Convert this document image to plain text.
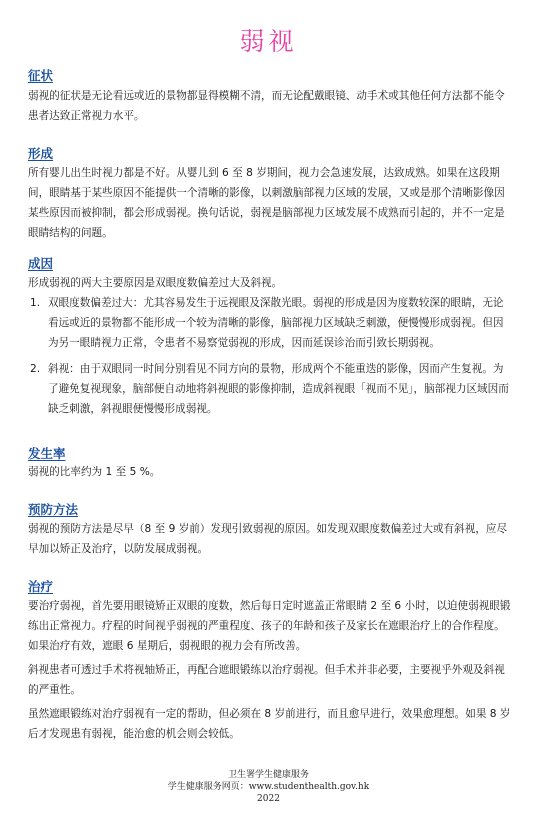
弱视
征状

弱视的征状是无论看远或近的景物都显得模糊不清，而无论配戴眼镜、动手术或其他任何方法都不能令患者达致正常视力水平。

形成

所有婴儿出生时视力都是不好。从婴儿到 6 至 8 岁期间，视力会急速发展，达致成熟。如果在这段期间，眼睛基于某些原因不能提供一个清晰的影像，以刺激脑部视力区域的发展，又或是那个清晰影像因某些原因而被抑制，都会形成弱视。换句话说，弱视是脑部视力区域发展不成熟而引起的，并不一定是眼睛结构的问题。

成因

形成弱视的两大主要原因是双眼度数偏差过大及斜视。

1. 双眼度数偏差过大：尤其容易发生于远视眼及深散光眼。弱视的形成是因为度数较深的眼睛，无论看远或近的景物都不能形成一个较为清晰的影像，脑部视力区域缺乏刺激，便慢慢形成弱视。但因为另一眼睛视力正常，令患者不易察觉弱视的形成，因而延误诊治而引致长期弱视。
2. 斜视：由于双眼同一时间分别看见不同方向的景物，形成两个不能重迭的影像，因而产生复视。为了避免复视现象，脑部便自动地将斜视眼的影像抑制，造成斜视眼「视而不见」，脑部视力区域因而缺乏刺激，斜视眼便慢慢形成弱视。
发生率

弱视的比率约为 1 至 5 %。

预防方法

弱视的预防方法是尽早（8 至 9 岁前）发现引致弱视的原因。如发现双眼度数偏差过大或有斜视，应尽早加以矫正及治疗，以防发展成弱视。

治疗

要治疗弱视，首先要用眼镜矫正双眼的度数，然后每日定时遮盖正常眼睛 2 至 6 小时，以迫使弱视眼锻练出正常视力。疗程的时间视乎弱视的严重程度、孩子的年龄和孩子及家长在遮眼治疗上的合作程度。如果治疗有效，遮眼 6 星期后，弱视眼的视力会有所改善。

斜视患者可透过手术将视轴矫正，再配合遮眼锻练以治疗弱视。但手术并非必要，主要视乎外观及斜视的严重性。

虽然遮眼锻练对治疗弱视有一定的帮助，但必须在 8 岁前进行，而且愈早进行，效果愈理想。如果 8 岁后才发现患有弱视，能治愈的机会则会较低。

卫生署学生健康服务
学生健康服务网页：www.studenthealth.gov.hk
2022
